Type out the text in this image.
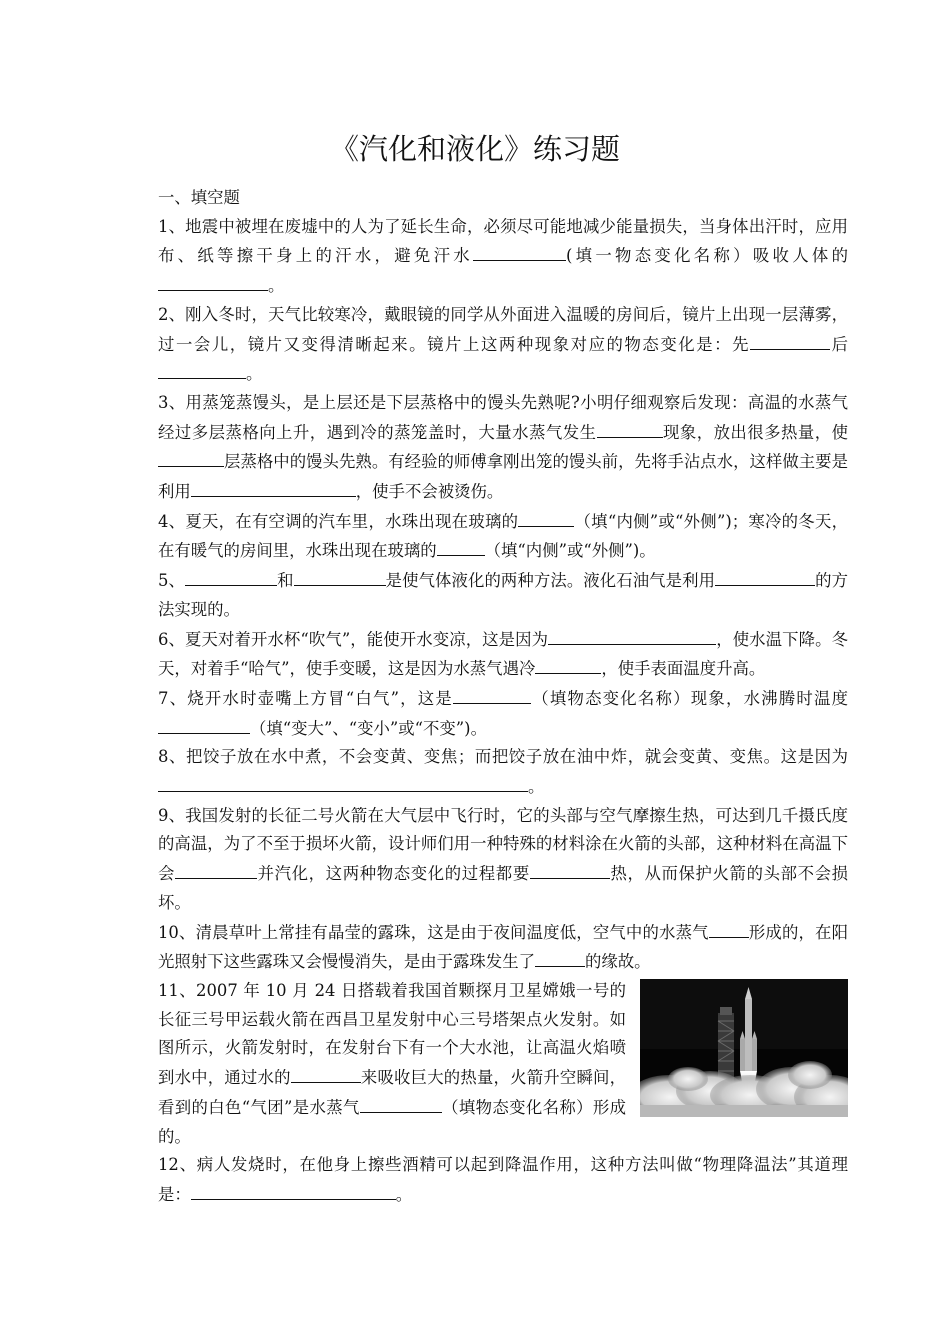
《汽化和液化》练习题

一、填空题

1、地震中被埋在废墟中的人为了延长生命，必须尽可能地减少能量损失，当身体出汗时，应用布、纸等擦干身上的汗水，避免汗水	(填一物态变化名称）吸收人体的。

2、刚入冬时，天气比较寒冷，戴眼镜的同学从外面进入温暖的房间后，镜片上出现一层薄雾，过一会儿，镜片又变得清晰起来。镜片上这两种现象对应的物态变化是：先	后。

3、用蒸笼蒸馒头，是上层还是下层蒸格中的馒头先熟呢?小明仔细观察后发现：高温的水蒸气经过多层蒸格向上升，遇到冷的蒸笼盖时，大量水蒸气发生	现象，放出很多热量，使层蒸格中的馒头先熟。有经验的师傅拿刚出笼的馒头前，先将手沾点水，这样做主要是利用	，使手不会被烫伤。

4、夏天，在有空调的汽车里，水珠出现在玻璃的	（填“内侧”或“外侧”)；寒冷的冬天，在有暖气的房间里，水珠出现在玻璃的	（填“内侧”或“外侧”)。

5、	和	是使气体液化的两种方法。液化石油气是利用	的方法实现的。

6、夏天对着开水杯“吹气”，能使开水变凉，这是因为	，使水温下降。冬天，对着手“哈气”，使手变暖，这是因为水蒸气遇冷	，使手表面温度升高。

7、烧开水时壶嘴上方冒“白气”，这是	（填物态变化名称）现象，水沸腾时温度（填“变大”、“变小”或“不变”)。

8、把饺子放在水中煮，不会变黄、变焦；而把饺子放在油中炸，就会变黄、变焦。这是因为。

9、我国发射的长征二号火箭在大气层中飞行时，它的头部与空气摩擦生热，可达到几千摄氏度的高温，为了不至于损坏火箭，设计师们用一种特殊的材料涂在火箭的头部，这种材料在高温下会	并汽化，这两种物态变化的过程都要	热，从而保护火箭的头部不会损坏。

10、清晨草叶上常挂有晶莹的露珠，这是由于夜间温度低，空气中的水蒸气 形成的，在阳光照射下这些露珠又会慢慢消失，是由于露珠发生了	的缘故。

11、2007 年 10 月 24 日搭载着我国首颗探月卫星嫦娥一号的长征三号甲运载火箭在西昌卫星发射中心三号塔架点火发射。如图所示，火箭发射时，在发射台下有一个大水池，让高温火焰喷到水中，通过水的	来吸收巨大的热量，火箭升空瞬间，看到的白色“气团”是水蒸气	（填物态变化名称）形成的。

12、病人发烧时，在他身上擦些酒精可以起到降温作用，这种方法叫做“物理降温法”其道理是：	。
